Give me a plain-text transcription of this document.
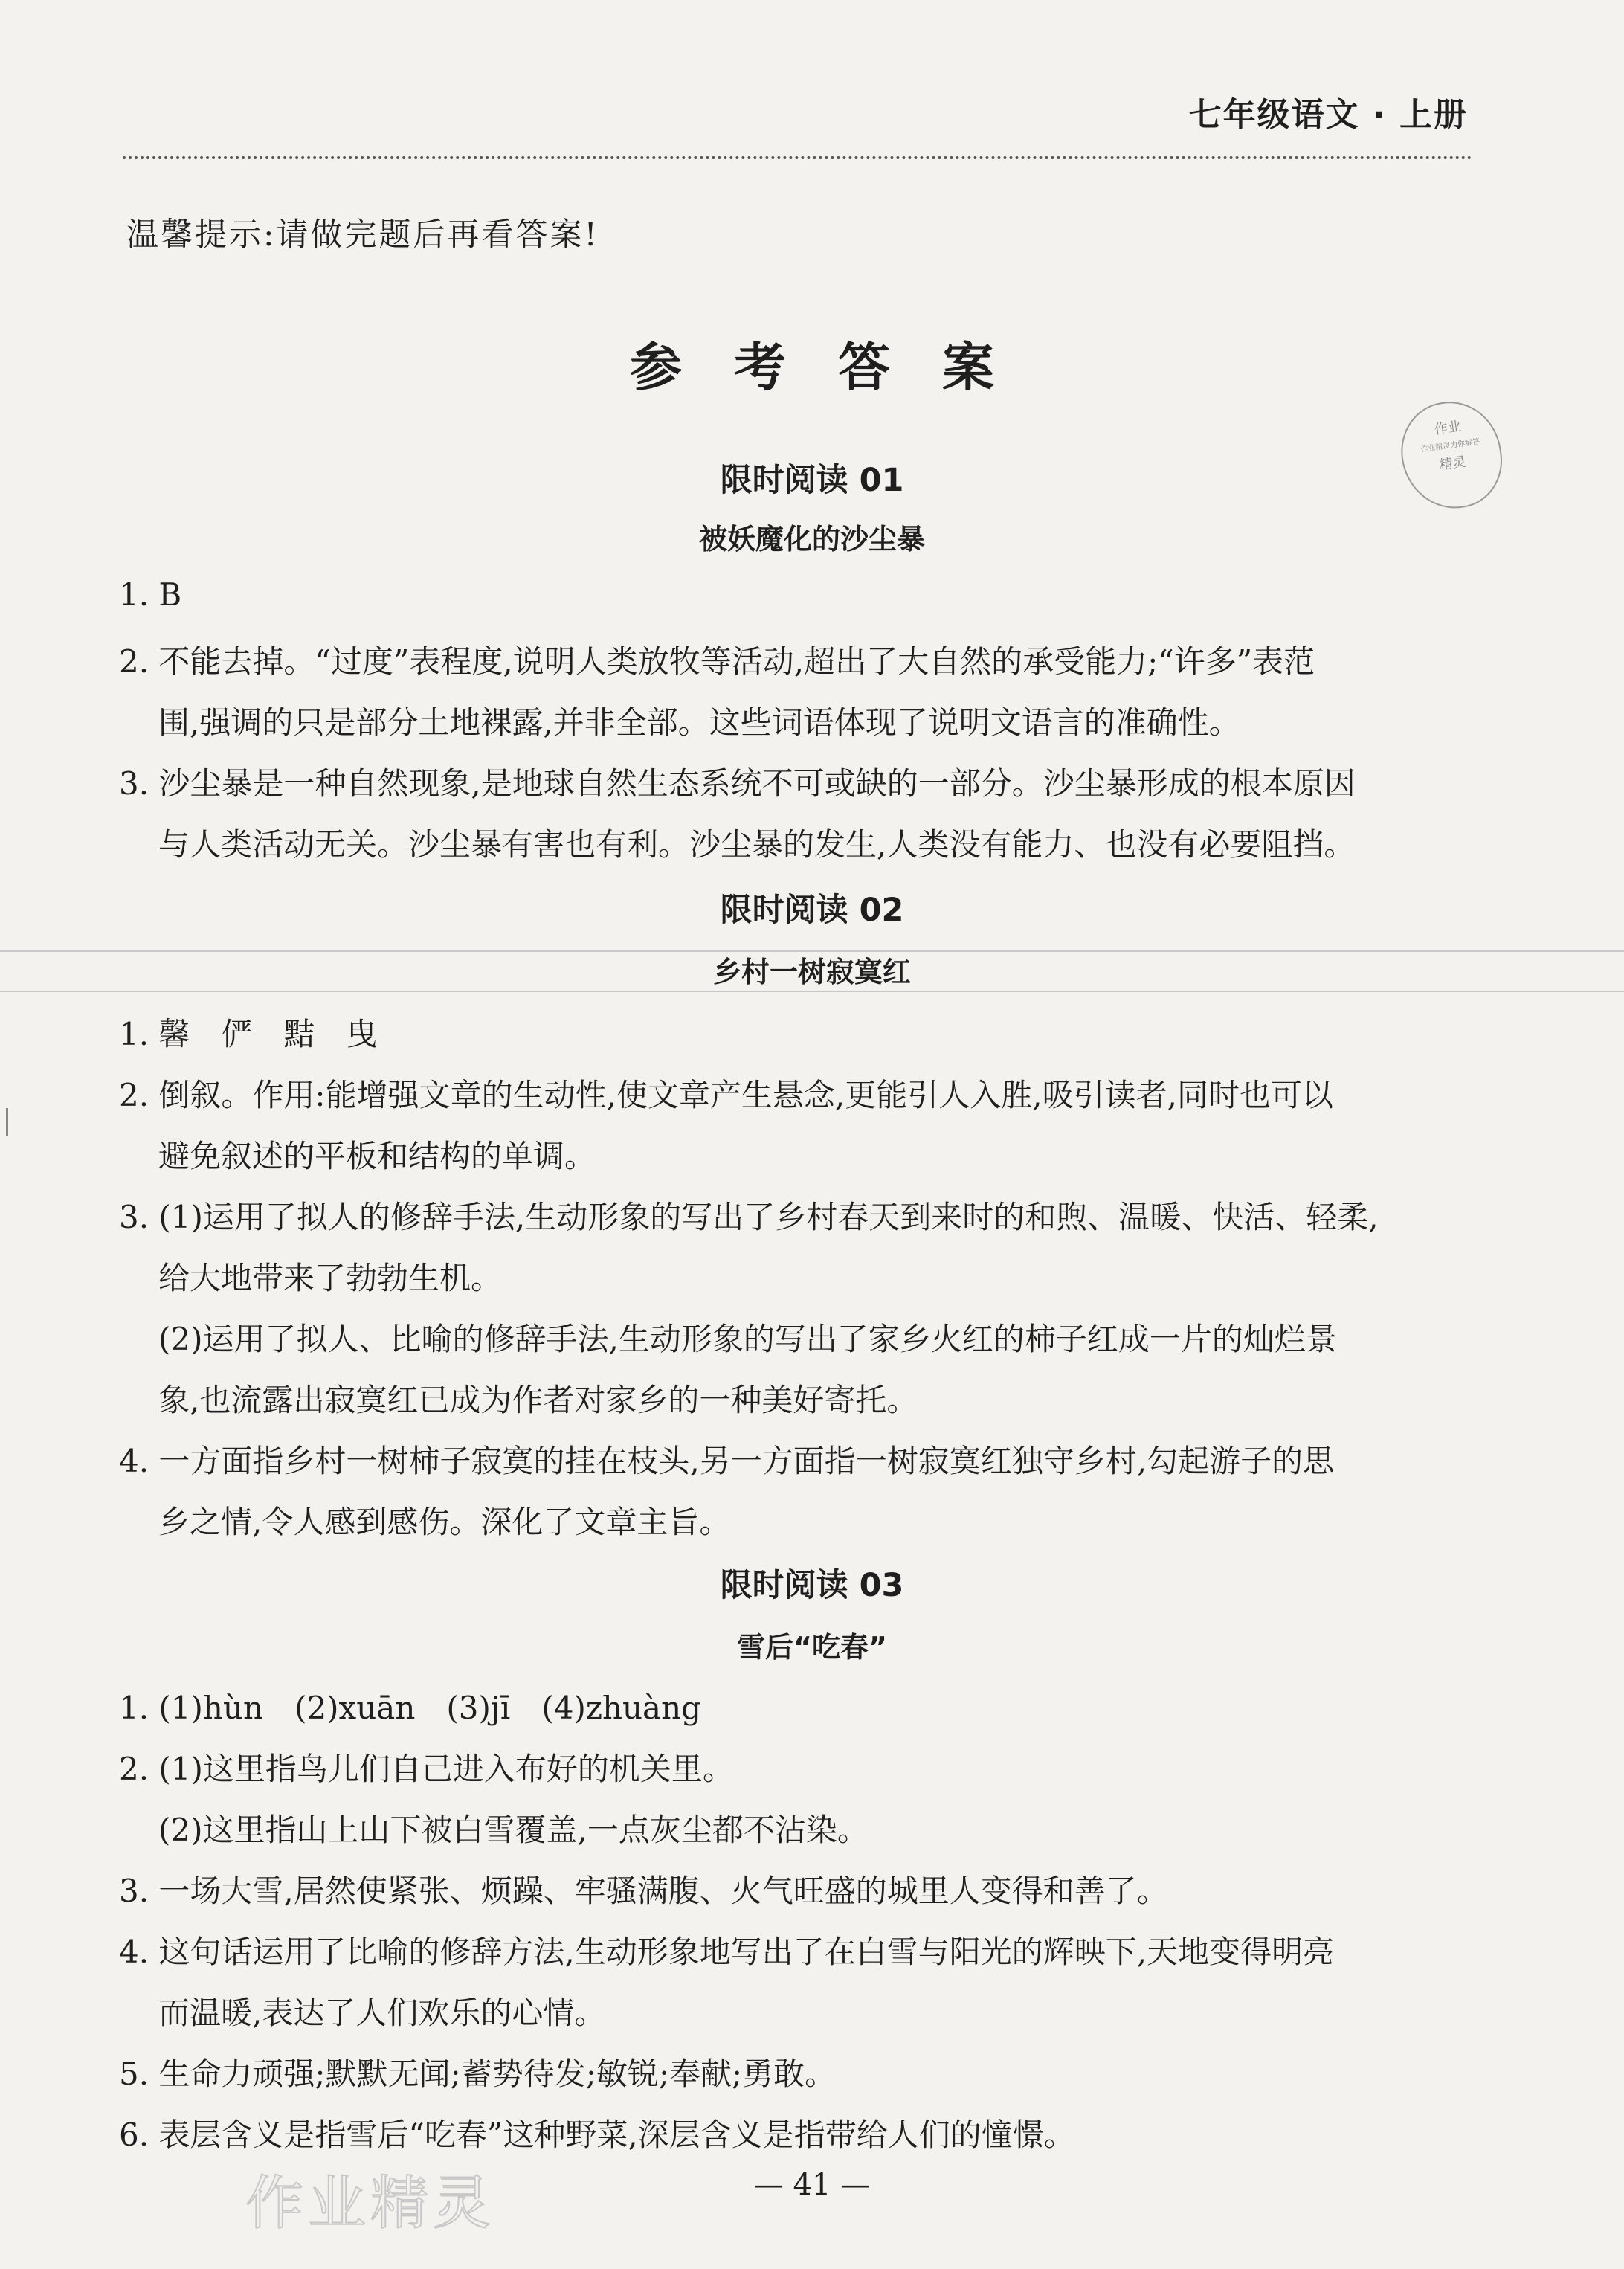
七年级语文 · 上册
温馨提示:请做完题后再看答案!
参考答案
作业
作业精灵为你解答
精灵
限时阅读 01
被妖魔化的沙尘暴
1. B
2. 不能去掉。“过度”表程度,说明人类放牧等活动,超出了大自然的承受能力;“许多”表范
围,强调的只是部分土地裸露,并非全部。这些词语体现了说明文语言的准确性。
3. 沙尘暴是一种自然现象,是地球自然生态系统不可或缺的一部分。沙尘暴形成的根本原因
与人类活动无关。沙尘暴有害也有利。沙尘暴的发生,人类没有能力、也没有必要阻挡。
限时阅读 02
乡村一树寂寞红
1. 馨　俨　黠　曳
2. 倒叙。作用:能增强文章的生动性,使文章产生悬念,更能引人入胜,吸引读者,同时也可以
避免叙述的平板和结构的单调。
3. (1)运用了拟人的修辞手法,生动形象的写出了乡村春天到来时的和煦、温暖、快活、轻柔,
给大地带来了勃勃生机。
(2)运用了拟人、比喻的修辞手法,生动形象的写出了家乡火红的柿子红成一片的灿烂景
象,也流露出寂寞红已成为作者对家乡的一种美好寄托。
4. 一方面指乡村一树柿子寂寞的挂在枝头,另一方面指一树寂寞红独守乡村,勾起游子的思
乡之情,令人感到感伤。深化了文章主旨。
限时阅读 03
雪后“吃春”
1. (1)hùn　(2)xuān　(3)jī　(4)zhuàng
2. (1)这里指鸟儿们自己进入布好的机关里。
(2)这里指山上山下被白雪覆盖,一点灰尘都不沾染。
3. 一场大雪,居然使紧张、烦躁、牢骚满腹、火气旺盛的城里人变得和善了。
4. 这句话运用了比喻的修辞方法,生动形象地写出了在白雪与阳光的辉映下,天地变得明亮
而温暖,表达了人们欢乐的心情。
5. 生命力顽强;默默无闻;蓄势待发;敏锐;奉献;勇敢。
6. 表层含义是指雪后“吃春”这种野菜,深层含义是指带给人们的憧憬。
作业精灵	— 41 —
